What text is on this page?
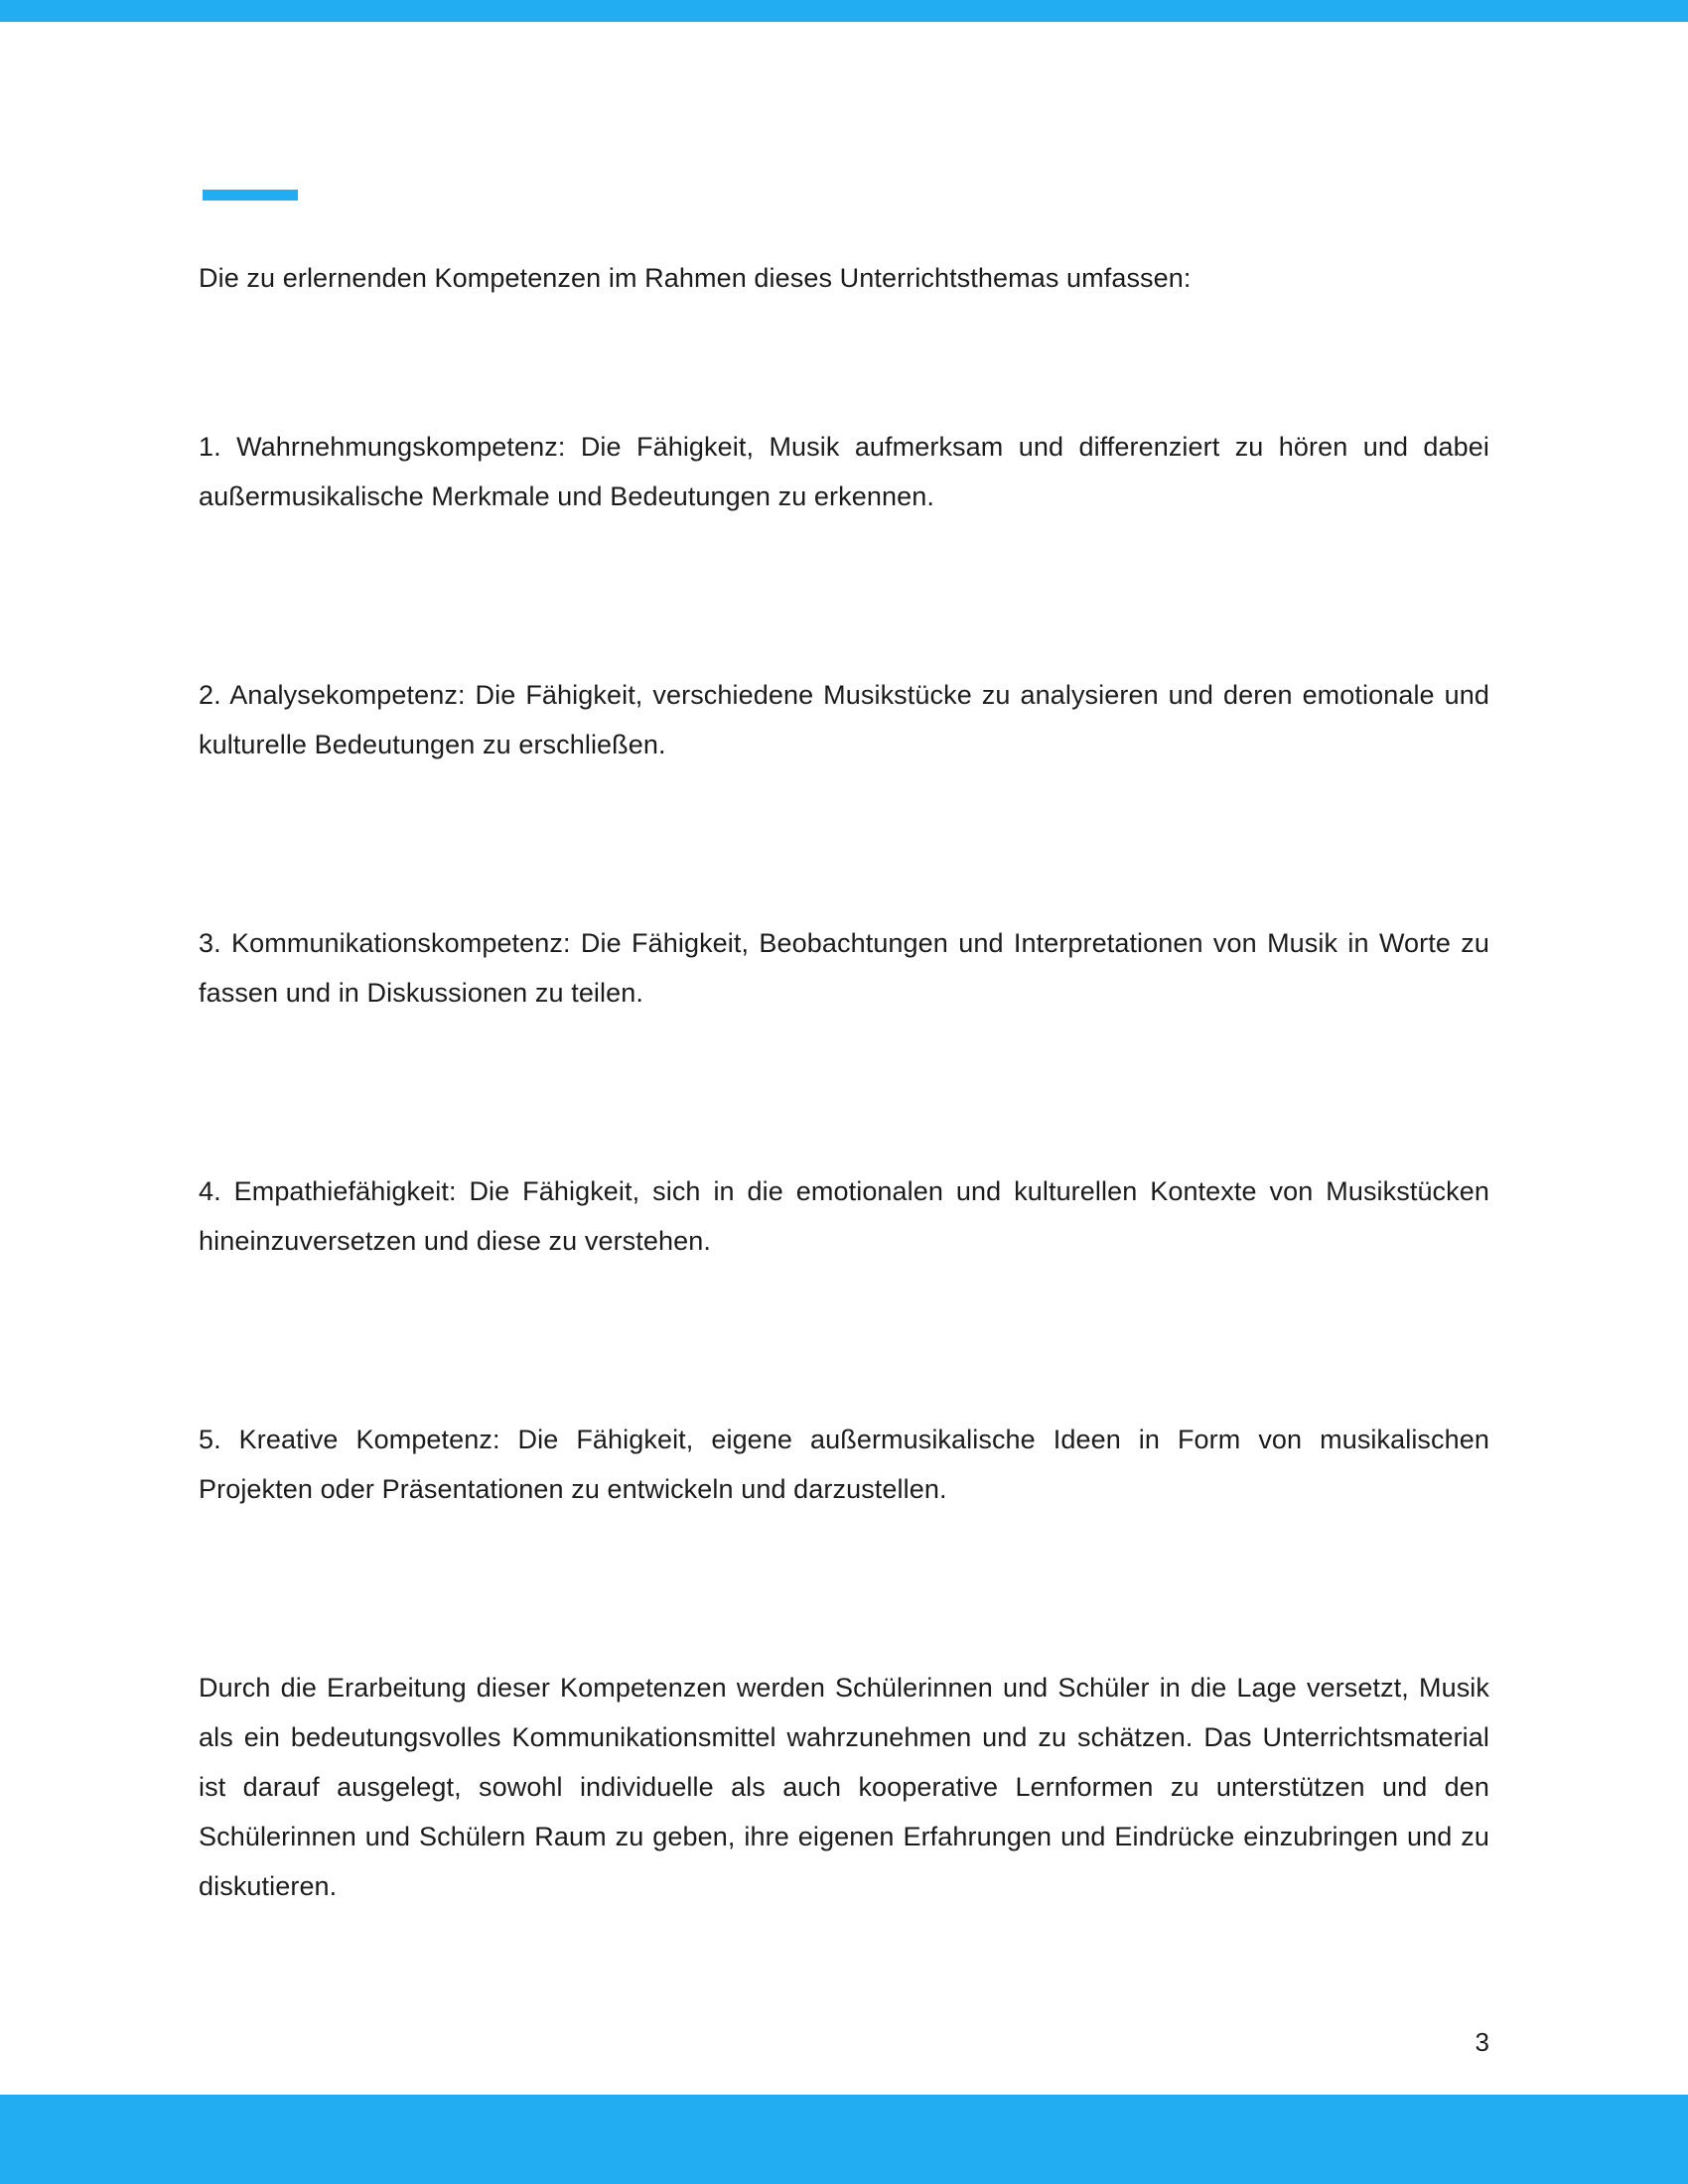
Die zu erlernenden Kompetenzen im Rahmen dieses Unterrichtsthemas umfassen:

1. Wahrnehmungskompetenz: Die Fähigkeit, Musik aufmerksam und differenziert zu hören und dabei außermusikalische Merkmale und Bedeutungen zu erkennen.

2. Analysekompetenz: Die Fähigkeit, verschiedene Musikstücke zu analysieren und deren emotionale und kulturelle Bedeutungen zu erschließen.

3. Kommunikationskompetenz: Die Fähigkeit, Beobachtungen und Interpretationen von Musik in Worte zu fassen und in Diskussionen zu teilen.

4. Empathiefähigkeit: Die Fähigkeit, sich in die emotionalen und kulturellen Kontexte von Musikstücken hineinzuversetzen und diese zu verstehen.

5. Kreative Kompetenz: Die Fähigkeit, eigene außermusikalische Ideen in Form von musikalischen Projekten oder Präsentationen zu entwickeln und darzustellen.

Durch die Erarbeitung dieser Kompetenzen werden Schülerinnen und Schüler in die Lage versetzt, Musik als ein bedeutungsvolles Kommunikationsmittel wahrzunehmen und zu schätzen. Das Unterrichtsmaterial ist darauf ausgelegt, sowohl individuelle als auch kooperative Lernformen zu unterstützen und den Schülerinnen und Schülern Raum zu geben, ihre eigenen Erfahrungen und Eindrücke einzubringen und zu diskutieren.

3
